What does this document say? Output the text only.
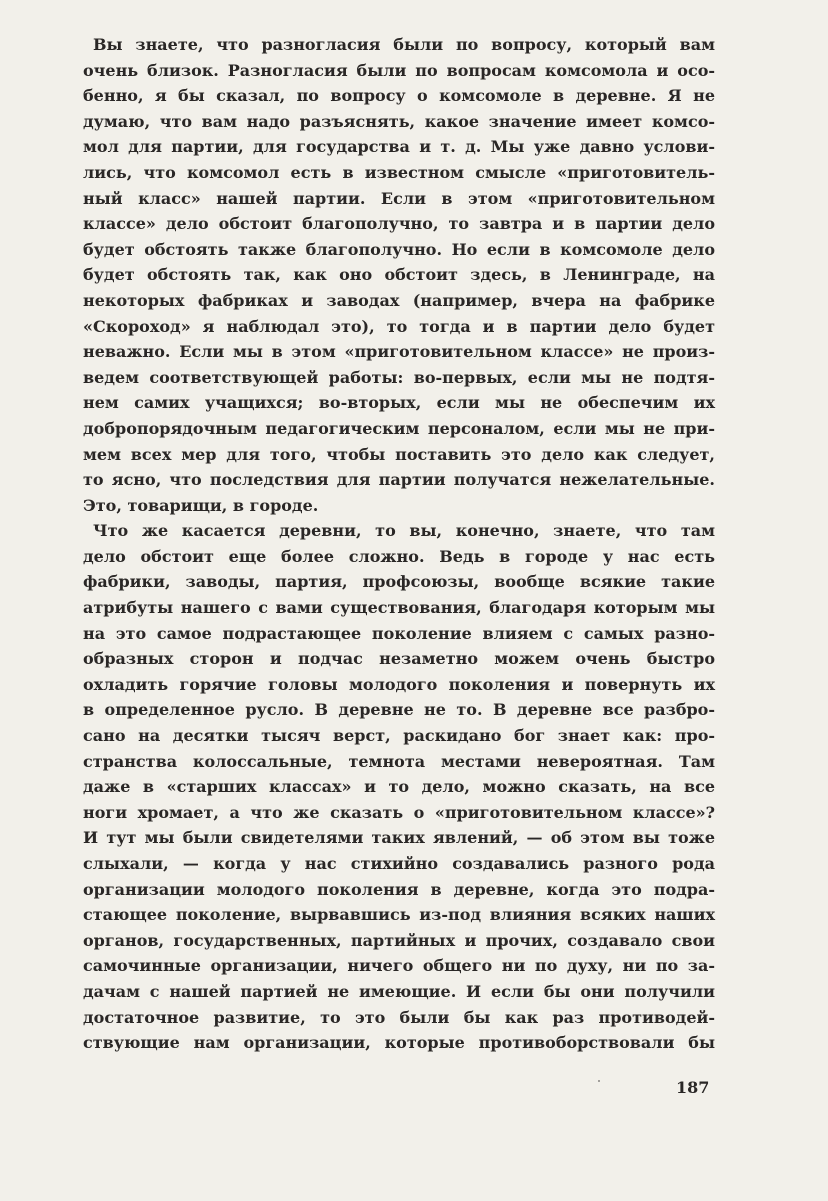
Вы знаете, что разногласия были по вопросу, который вам
очень близок. Разногласия были по вопросам комсомола и осо-
бенно, я бы сказал, по вопросу о комсомоле в деревне. Я не
думаю, что вам надо разъяснять, какое значение имеет комсо-
мол для партии, для государства и т. д. Мы уже давно услови-
лись, что комсомол есть в известном смысле «приготовитель-
ный класс» нашей партии. Если в этом «приготовительном
классе» дело обстоит благополучно, то завтра и в партии дело
будет обстоять также благополучно. Но если в комсомоле дело
будет обстоять так, как оно обстоит здесь, в Ленинграде, на
некоторых фабриках и заводах (например, вчера на фабрике
«Скороход» я наблюдал это), то тогда и в партии дело будет
неважно. Если мы в этом «приготовительном классе» не произ-
ведем соответствующей работы: во-первых, если мы не подтя-
нем самих учащихся; во-вторых, если мы не обеспечим их
добропорядочным педагогическим персоналом, если мы не при-
мем всех мер для того, чтобы поставить это дело как следует,
то ясно, что последствия для партии получатся нежелательные.
Это, товарищи, в городе.
Что же касается деревни, то вы, конечно, знаете, что там
дело обстоит еще более сложно. Ведь в городе у нас есть
фабрики, заводы, партия, профсоюзы, вообще всякие такие
атрибуты нашего с вами существования, благодаря которым мы
на это самое подрастающее поколение влияем с самых разно-
образных сторон и подчас незаметно можем очень быстро
охладить горячие головы молодого поколения и повернуть их
в определенное русло. В деревне не то. В деревне все разбро-
сано на десятки тысяч верст, раскидано бог знает как: про-
странства колоссальные, темнота местами невероятная. Там
даже в «старших классах» и то дело, можно сказать, на все
ноги хромает, а что же сказать о «приготовительном классе»?
И тут мы были свидетелями таких явлений, — об этом вы тоже
слыхали, — когда у нас стихийно создавались разного рода
организации молодого поколения в деревне, когда это подра-
стающее поколение, вырвавшись из-под влияния всяких наших
органов, государственных, партийных и прочих, создавало свои
самочинные организации, ничего общего ни по духу, ни по за-
дачам с нашей партией не имеющие. И если бы они получили
достаточное развитие, то это были бы как раз противодей-
ствующие нам организации, которые противоборствовали бы
187
